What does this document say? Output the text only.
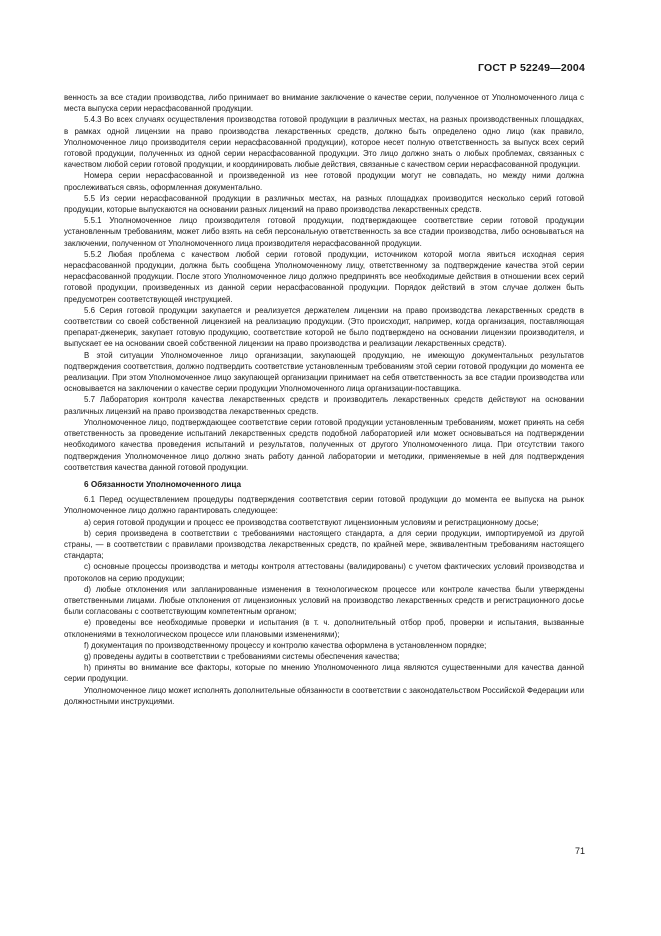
ГОСТ Р 52249—2004

венность за все стадии производства, либо принимает во внимание заключение о качестве серии, полученное от Уполномоченного лица с места выпуска серии нерасфасованной продукции.

5.4.3 Во всех случаях осуществления производства готовой продукции в различных местах, на разных производственных площадках, в рамках одной лицензии на право производства лекарственных средств, должно быть определено одно лицо (как правило, Уполномоченное лицо производителя серии нерасфасованной продукции), которое несет полную ответственность за выпуск всех серий готовой продукции, полученных из одной серии нерасфасованной продукции. Это лицо должно знать о любых проблемах, связанных с качеством любой серии готовой продукции, и координировать любые действия, связанные с качеством серии нерасфасованной продукции.

Номера серии нерасфасованной и произведенной из нее готовой продукции могут не совпадать, но между ними должна прослеживаться связь, оформленная документально.

5.5 Из серии нерасфасованной продукции в различных местах, на разных площадках производится несколько серий готовой продукции, которые выпускаются на основании разных лицензий на право производства лекарственных средств.

5.5.1 Уполномоченное лицо производителя готовой продукции, подтверждающее соответствие серии готовой продукции установленным требованиям, может либо взять на себя персональную ответственность за все стадии производства, либо основываться на заключении, полученном от Уполномоченного лица производителя нерасфасованной продукции.

5.5.2 Любая проблема с качеством любой серии готовой продукции, источником которой могла явиться исходная серия нерасфасованной продукции, должна быть сообщена Уполномоченному лицу, ответственному за подтверждение качества этой серии нерасфасованной продукции. После этого Уполномоченное лицо должно предпринять все необходимые действия в отношении всех серий готовой продукции, произведенных из данной серии нерасфасованной продукции. Порядок действий в этом случае должен быть предусмотрен соответствующей инструкцией.

5.6 Серия готовой продукции закупается и реализуется держателем лицензии на право производства лекарственных средств в соответствии со своей собственной лицензией на реализацию продукции. (Это происходит, например, когда организация, поставляющая препарат-дженерик, закупает готовую продукцию, соответствие которой не было подтверждено на основании лицензии производителя, и выпускает ее на основании своей собственной лицензии на право производства и реализации лекарственных средств).

В этой ситуации Уполномоченное лицо организации, закупающей продукцию, не имеющую документальных результатов подтверждения соответствия, должно подтвердить соответствие установленным требованиям этой серии готовой продукции до момента ее реализации. При этом Уполномоченное лицо закупающей организации принимает на себя ответственность за все стадии производства или основывается на заключении о качестве серии продукции Уполномоченного лица организации-поставщика.

5.7 Лаборатория контроля качества лекарственных средств и производитель лекарственных средств действуют на основании различных лицензий на право производства лекарственных средств.

Уполномоченное лицо, подтверждающее соответствие серии готовой продукции установленным требованиям, может принять на себя ответственность за проведение испытаний лекарственных средств подобной лабораторией или может основываться на подтверждении необходимого качества проведения испытаний и результатов, полученных от другого Уполномоченного лица. При отсутствии такого подтверждения Уполномоченное лицо должно знать работу данной лаборатории и методики, применяемые в ней для подтверждения соответствия качества данной готовой продукции.

6 Обязанности Уполномоченного лица

6.1 Перед осуществлением процедуры подтверждения соответствия серии готовой продукции до момента ее выпуска на рынок Уполномоченное лицо должно гарантировать следующее:

а) серия готовой продукции и процесс ее производства соответствуют лицензионным условиям и регистрационному досье;

b) серия произведена в соответствии с требованиями настоящего стандарта, а для серии продукции, импортируемой из другой страны, — в соответствии с правилами производства лекарственных средств, по крайней мере, эквивалентным требованиям настоящего стандарта;

c) основные процессы производства и методы контроля аттестованы (валидированы) с учетом фактических условий производства и протоколов на серию продукции;

d) любые отклонения или запланированные изменения в технологическом процессе или контроле качества были утверждены ответственными лицами. Любые отклонения от лицензионных условий на производство лекарственных средств и регистрационного досье были согласованы с соответствующим компетентным органом;

e) проведены все необходимые проверки и испытания (в т. ч. дополнительный отбор проб, проверки и испытания, вызванные отклонениями в технологическом процессе или плановыми изменениями);

f) документация по производственному процессу и контролю качества оформлена в установленном порядке;

g) проведены аудиты в соответствии с требованиями системы обеспечения качества;

h) приняты во внимание все факторы, которые по мнению Уполномоченного лица являются существенными для качества данной серии продукции.

Уполномоченное лицо может исполнять дополнительные обязанности в соответствии с законодательством Российской Федерации или должностными инструкциями.

71
